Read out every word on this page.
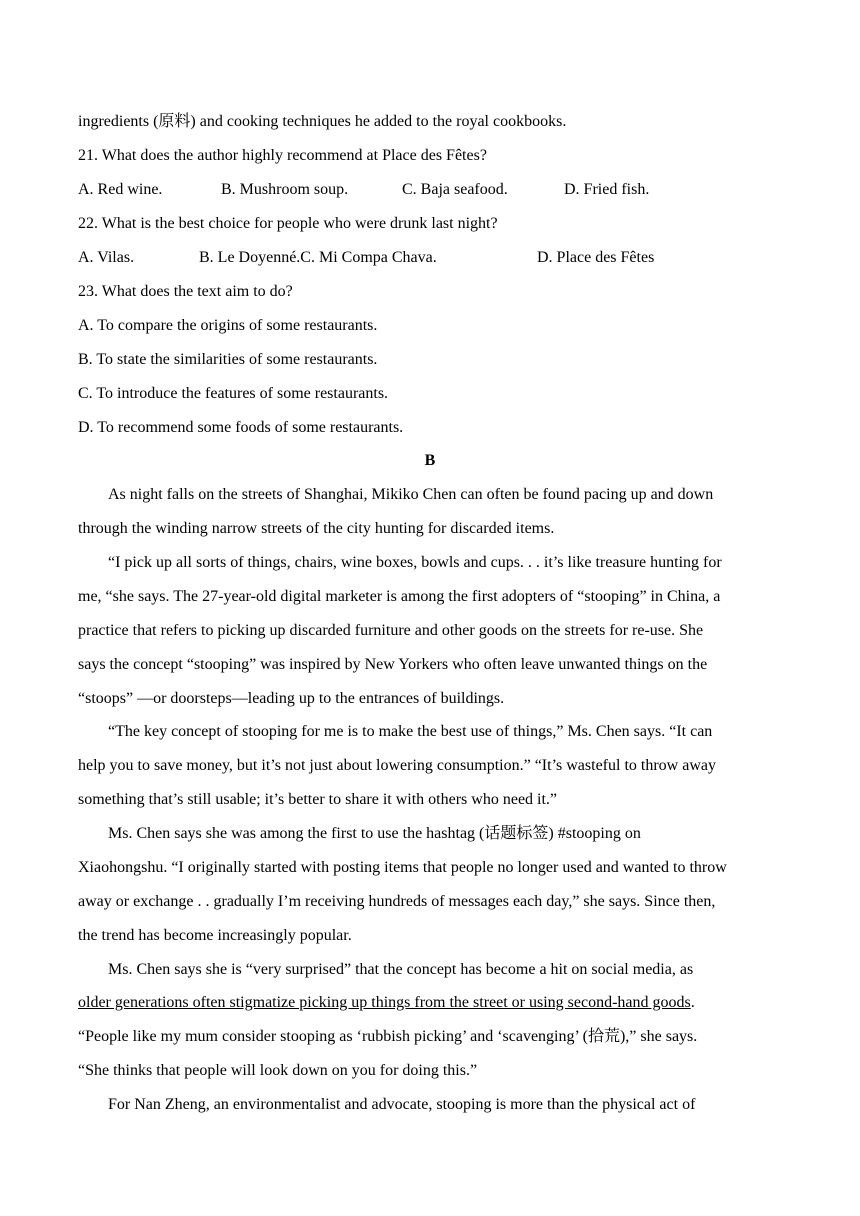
ingredients (原料) and cooking techniques he added to the royal cookbooks.

21. What does the author highly recommend at Place des Fêtes?

A. Red wine.	B. Mushroom soup.	C. Baja seafood.	D. Fried fish.

22. What is the best choice for people who were drunk last night?

A. Vilas.	B. Le Doyenné.C. Mi Compa Chava.	D. Place des Fêtes

23. What does the text aim to do?

A. To compare the origins of some restaurants.

B. To state the similarities of some restaurants.

C. To introduce the features of some restaurants.

D. To recommend some foods of some restaurants.

B

As night falls on the streets of Shanghai, Mikiko Chen can often be found pacing up and down

through the winding narrow streets of the city hunting for discarded items.

“I pick up all sorts of things, chairs, wine boxes, bowls and cups. . . it’s like treasure hunting for

me, “she says. The 27-year-old digital marketer is among the first adopters of “stooping” in China, a

practice that refers to picking up discarded furniture and other goods on the streets for re-use. She

says the concept “stooping” was inspired by New Yorkers who often leave unwanted things on the

“stoops” —or doorsteps—leading up to the entrances of buildings.

“The key concept of stooping for me is to make the best use of things,” Ms. Chen says. “It can

help you to save money, but it’s not just about lowering consumption.” “It’s wasteful to throw away

something that’s still usable; it’s better to share it with others who need it.”

Ms. Chen says she was among the first to use the hashtag (话题标签) #stooping on

Xiaohongshu. “I originally started with posting items that people no longer used and wanted to throw

away or exchange . . gradually I’m receiving hundreds of messages each day,” she says. Since then,

the trend has become increasingly popular.

Ms. Chen says she is “very surprised” that the concept has become a hit on social media, as

older generations often stigmatize picking up things from the street or using second-hand goods.

“People like my mum consider stooping as ‘rubbish picking’ and ‘scavenging’ (拾荒),” she says.

“She thinks that people will look down on you for doing this.”

For Nan Zheng, an environmentalist and advocate, stooping is more than the physical act of
